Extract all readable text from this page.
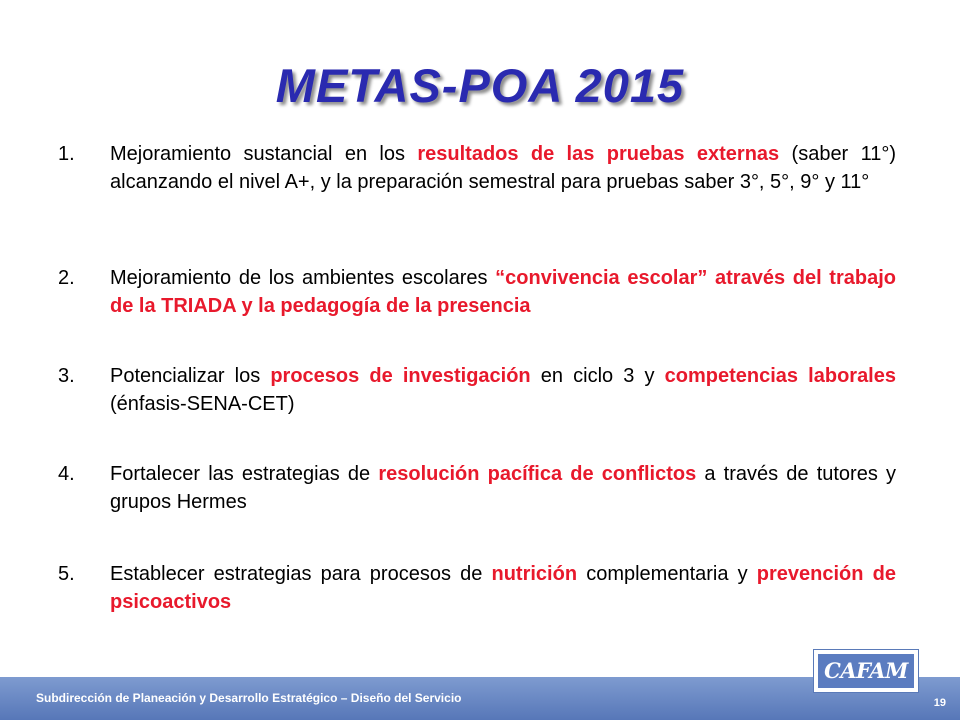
METAS-POA 2015
1. Mejoramiento sustancial en los resultados de las pruebas externas (saber 11°) alcanzando el nivel A+, y la preparación semestral para pruebas saber 3°, 5°, 9° y 11°
2. Mejoramiento de los ambientes escolares “convivencia escolar” através del trabajo de la TRIADA y la pedagogía de la presencia
3. Potencializar los procesos de investigación en ciclo 3 y competencias laborales (énfasis-SENA-CET)
4. Fortalecer las estrategias de resolución pacífica de conflictos a través de tutores y grupos Hermes
5. Establecer estrategias para procesos de nutrición complementaria y prevención de psicoactivos
Subdirección de Planeación y Desarrollo Estratégico – Diseño del Servicio	19
CAFAM
